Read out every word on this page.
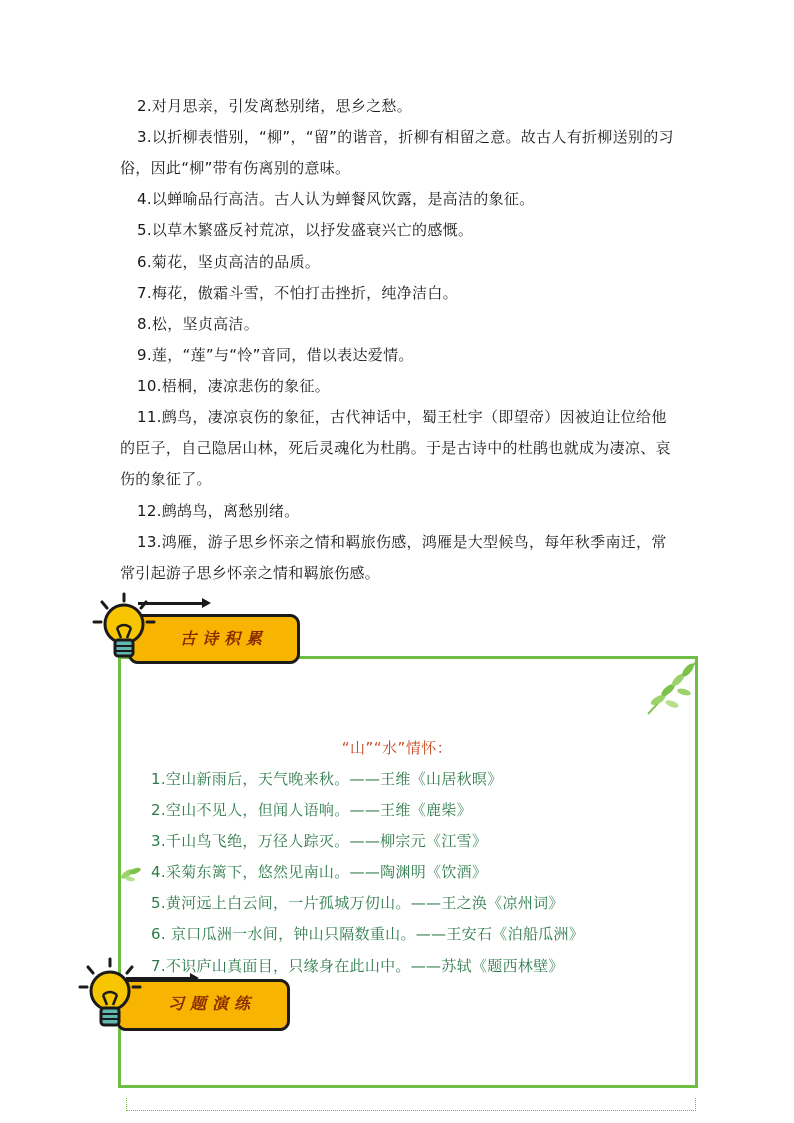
2.对月思亲，引发离愁别绪，思乡之愁。

3.以折柳表惜别，“柳”，“留”的谐音，折柳有相留之意。故古人有折柳送别的习俗，因此“柳”带有伤离别的意味。

4.以蝉喻品行高洁。古人认为蝉餐风饮露，是高洁的象征。

5.以草木繁盛反衬荒凉，以抒发盛衰兴亡的感慨。

6.菊花，坚贞高洁的品质。

7.梅花，傲霜斗雪，不怕打击挫折，纯净洁白。

8.松，坚贞高洁。

9.莲，“莲”与“怜”音同，借以表达爱情。

10.梧桐，凄凉悲伤的象征。

11.鹧鸟，凄凉哀伤的象征，古代神话中，蜀王杜宇（即望帝）因被迫让位给他的臣子，自己隐居山林，死后灵魂化为杜鹃。于是古诗中的杜鹃也就成为凄凉、哀伤的象征了。

12.鹧鸪鸟，离愁别绪。

13.鸿雁，游子思乡怀亲之情和羁旅伤感，鸿雁是大型候鸟，每年秋季南迁，常常引起游子思乡怀亲之情和羁旅伤感。

“山”“水”情怀：
1.空山新雨后，天气晚来秋。——王维《山居秋暝》
2.空山不见人，但闻人语响。——王维《鹿柴》
3.千山鸟飞绝，万径人踪灭。——柳宗元《江雪》
4.采菊东篱下，悠然见南山。——陶渊明《饮酒》
5.黄河远上白云间，一片孤城万仞山。——王之涣《凉州词》
6. 京口瓜洲一水间，钟山只隔数重山。——王安石《泊船瓜洲》
7.不识庐山真面目，只缘身在此山中。——苏轼《题西林壁》
古诗积累
习题演练
